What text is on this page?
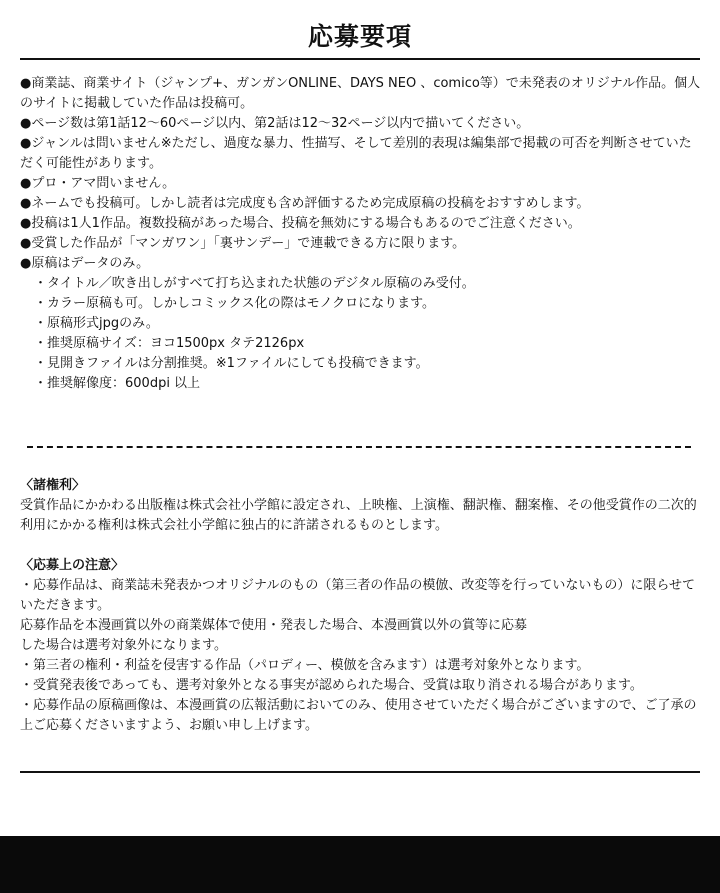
応募要項
●商業誌、商業サイト（ジャンプ+、ガンガンONLINE、DAYS NEO 、comico等）で未発表のオリジナル作品。個人のサイトに掲載していた作品は投稿可。
●ページ数は第1話12〜60ページ以内、第2話は12〜32ページ以内で描いてください。
●ジャンルは問いません※ただし、過度な暴力、性描写、そして差別的表現は編集部で掲載の可否を判断させていただく可能性があります。
●プロ・アマ問いません。
●ネームでも投稿可。しかし読者は完成度も含め評価するため完成原稿の投稿をおすすめします。
●投稿は1人1作品。複数投稿があった場合、投稿を無効にする場合もあるのでご注意ください。
●受賞した作品が「マンガワン」「裏サンデー」で連載できる方に限ります。
●原稿はデータのみ。
・タイトル／吹き出しがすべて打ち込まれた状態のデジタル原稿のみ受付。
・カラー原稿も可。しかしコミックス化の際はモノクロになります。
・原稿形式jpgのみ。
・推奨原稿サイズ：ヨコ1500px タテ2126px
・見開きファイルは分割推奨。※1ファイルにしても投稿できます。
・推奨解像度：600dpi 以上
〈諸権利〉

受賞作品にかかわる出版権は株式会社小学館に設定され、上映権、上演権、翻訳権、翻案権、その他受賞作の二次的利用にかかる権利は株式会社小学館に独占的に許諾されるものとします。

〈応募上の注意〉

・応募作品は、商業誌未発表かつオリジナルのもの（第三者の作品の模倣、改変等を行っていないもの）に限らせていただきます。

応募作品を本漫画賞以外の商業媒体で使用・発表した場合、本漫画賞以外の賞等に応募

した場合は選考対象外になります。

・第三者の権利・利益を侵害する作品（パロディー、模倣を含みます）は選考対象外となります。

・受賞発表後であっても、選考対象外となる事実が認められた場合、受賞は取り消される場合があります。

・応募作品の原稿画像は、本漫画賞の広報活動においてのみ、使用させていただく場合がございますので、ご了承の上ご応募くださいますよう、お願い申し上げます。
